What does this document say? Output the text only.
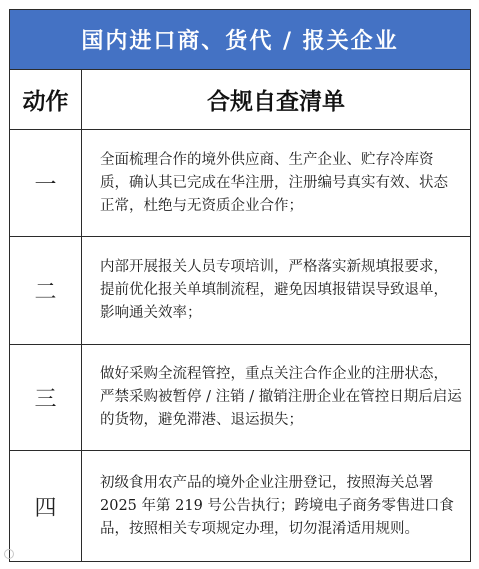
国内进口商、货代 / 报关企业	
动作	合规自查清单
一	全面梳理合作的境外供应商、生产企业、贮存冷库资质，确认其已完成在华注册，注册编号真实有效、状态正常，杜绝与无资质企业合作；
二	内部开展报关人员专项培训，严格落实新规填报要求，提前优化报关单填制流程，避免因填报错误导致退单，影响通关效率；
三	做好采购全流程管控，重点关注合作企业的注册状态，严禁采购被暂停 / 注销 / 撤销注册企业在管控日期后启运的货物，避免滞港、退运损失；
四	初级食用农产品的境外企业注册登记，按照海关总署 2025 年第 219 号公告执行；跨境电子商务零售进口食品，按照相关专项规定办理，切勿混淆适用规则。
